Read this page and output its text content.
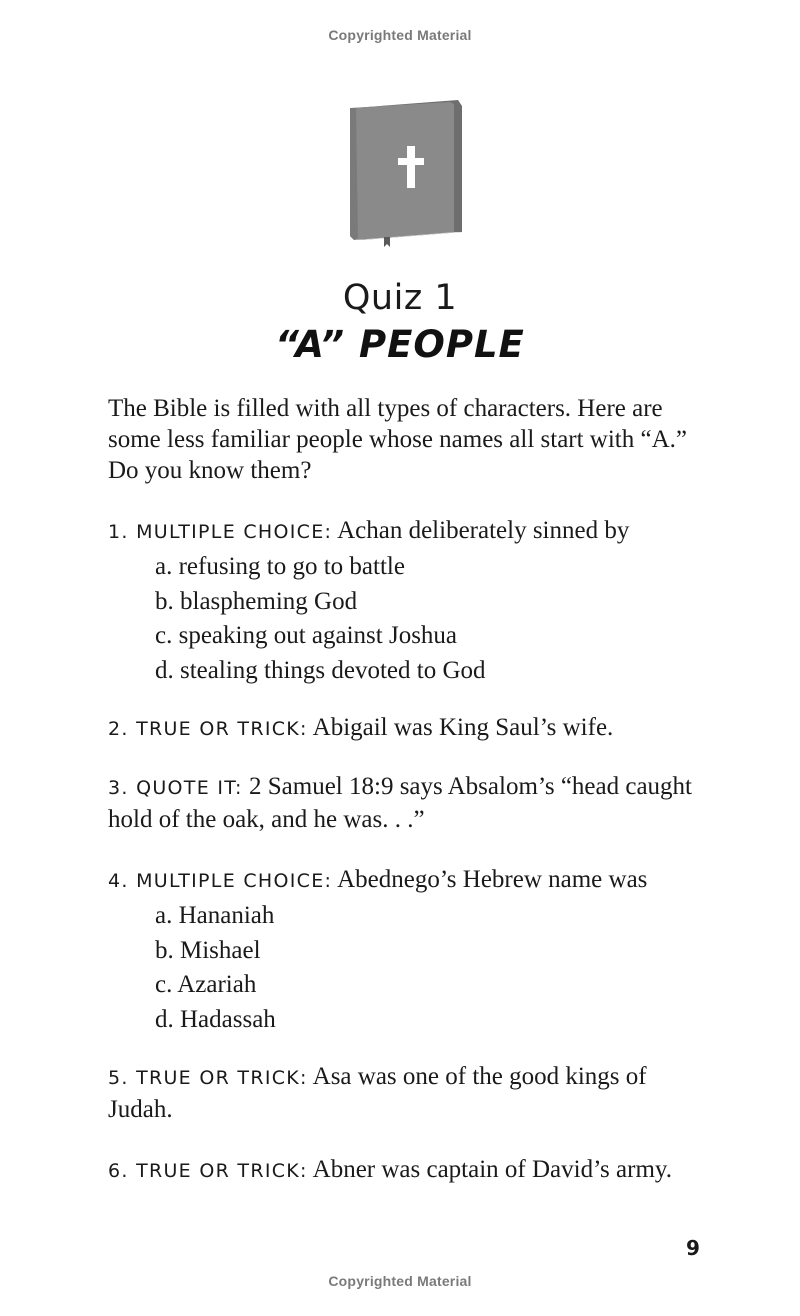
Copyrighted Material
Quiz 1
“A” PEOPLE
The Bible is filled with all types of characters. Here are some less familiar people whose names all start with “A.” Do you know them?
1. MULTIPLE CHOICE: Achan deliberately sinned by
a. refusing to go to battle
b. blaspheming God
c. speaking out against Joshua
d. stealing things devoted to God
2. TRUE OR TRICK: Abigail was King Saul’s wife.
3. QUOTE IT: 2 Samuel 18:9 says Absalom’s “head caught hold of the oak, and he was. . .”
4. MULTIPLE CHOICE: Abednego’s Hebrew name was
a. Hananiah
b. Mishael
c. Azariah
d. Hadassah
5. TRUE OR TRICK: Asa was one of the good kings of Judah.
6. TRUE OR TRICK: Abner was captain of David’s army.
9
Copyrighted Material
